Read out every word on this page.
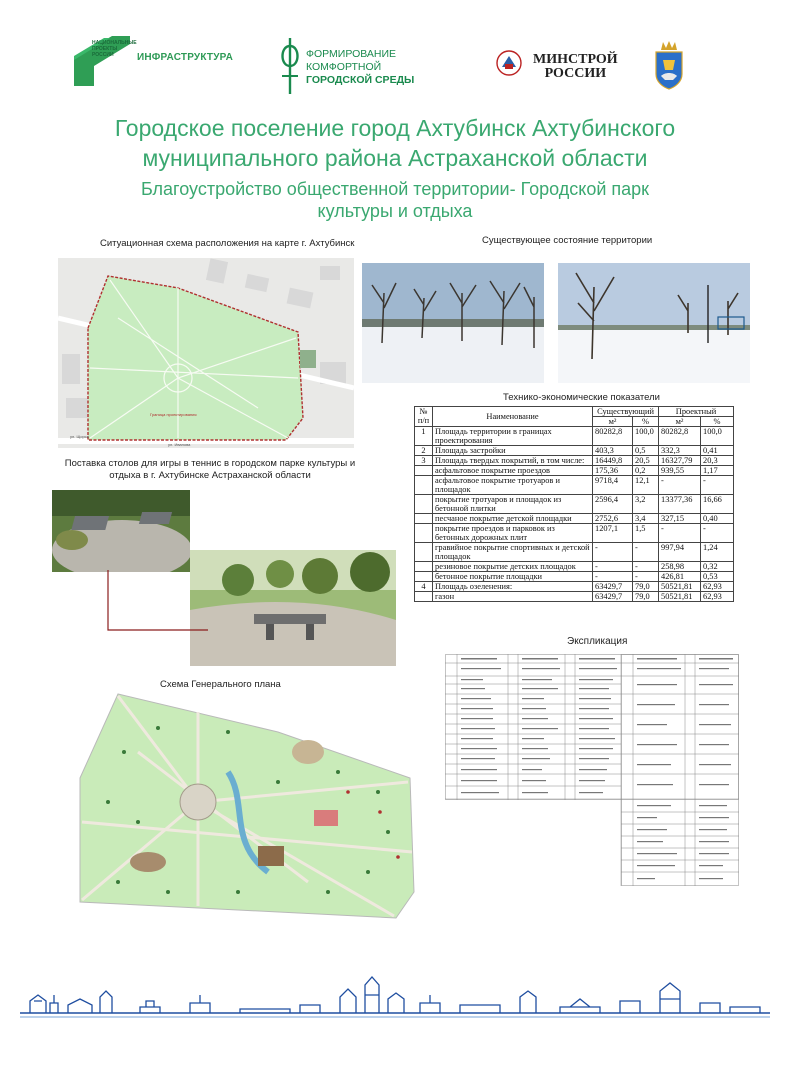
НАЦИОНАЛЬНЫЕ ПРОЕКТЫ РОССИИ	ИНФРАСТРУКТУРА	ФОРМИРОВАНИЕ
КОМФОРТНОЙ
ГОРОДСКОЙ СРЕДЫ
МИНСТРОЙ
РОССИИ
Городское поселение город Ахтубинск Ахтубинского муниципального района Астраханской области
Благоустройство общественной территории- Городской парк культуры и отдыха
Ситуационная схема расположения на карте г. Ахтубинск	Существующее состояние территории
ул. Щорса
ул. Иванова
Граница проектирования
Технико-экономические показатели
№ п/п	Наименование	Существующий		Проектный	
		м²	%	м²	%
1	Площадь территории в границах проектирования	80282,8	100,0	80282,8	100,0
2	Площадь застройки	403,3	0,5	332,3	0,41
3	Площадь твердых покрытий, в том числе:	16449,8	20,5	16327,79	20,3
	асфальтовое покрытие проездов	175,36	0,2	939,55	1,17
	асфальтовое покрытие тротуаров и площадок	9718,4	12,1	-	-
	покрытие тротуаров и площадок из бетонной плитки	2596,4	3,2	13377,36	16,66
	песчаное покрытие детской площадки	2752,6	3,4	327,15	0,40
	покрытие проездов и парковок из бетонных дорожных плит	1207,1	1,5	-	-
	гравийное покрытие спортивных и детской площадок	-	-	997,94	1,24
	резиновое покрытие детских площадок	-	-	258,98	0,32
	бетонное покрытие площадки	-	-	426,81	0,53
4	Площадь озеленения:	63429,7	79,0	50521,81	62,93
	газон	63429,7	79,0	50521,81	62,93
Поставка столов для игры в теннис в городском парке культуры и отдыха в г. Ахтубинске Астраханской области
Экспликация
Схема Генерального плана
